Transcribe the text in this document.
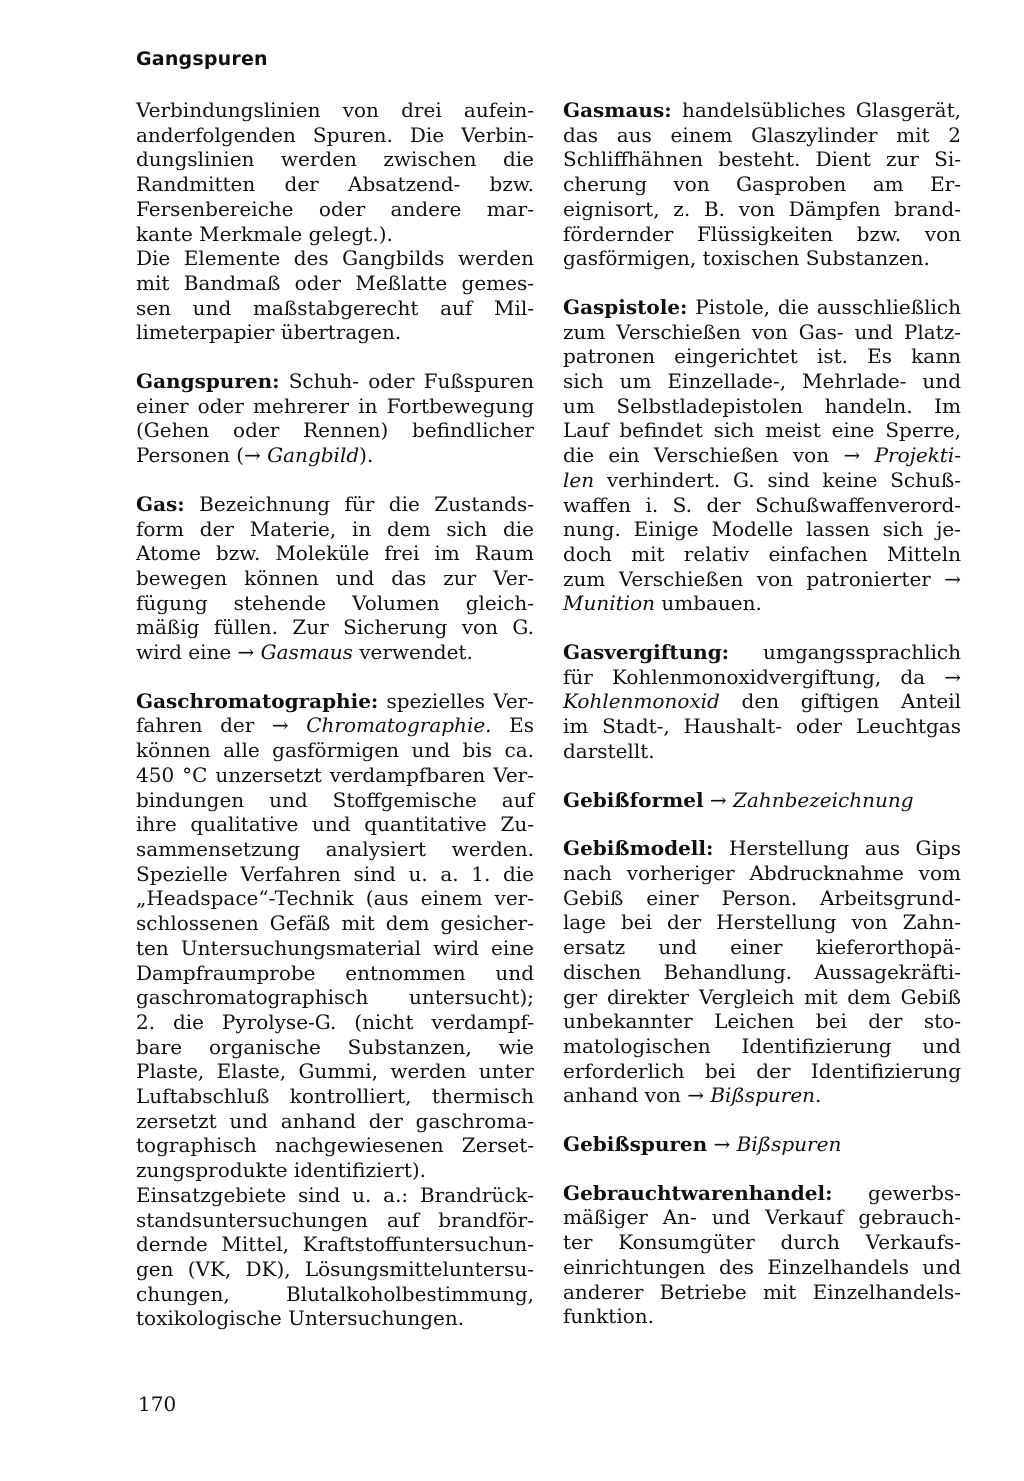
Gangspuren
Verbindungslinien von drei aufein-
anderfolgenden Spuren. Die Verbin-
dungslinien werden zwischen die
Randmitten der Absatzend- bzw.
Fersenbereiche oder andere mar-
kante Merkmale gelegt.).
Die Elemente des Gangbilds werden
mit Bandmaß oder Meßlatte gemes-
sen und maßstabgerecht auf Mil-
limeterpapier übertragen.
Gangspuren: Schuh- oder Fußspuren
einer oder mehrerer in Fortbewegung
(Gehen oder Rennen) befindlicher
Personen (→ Gangbild).
Gas: Bezeichnung für die Zustands-
form der Materie, in dem sich die
Atome bzw. Moleküle frei im Raum
bewegen können und das zur Ver-
fügung stehende Volumen gleich-
mäßig füllen. Zur Sicherung von G.
wird eine → Gasmaus verwendet.
Gaschromatographie: spezielles Ver-
fahren der → Chromatographie. Es
können alle gasförmigen und bis ca.
450 °C unzersetzt verdampfbaren Ver-
bindungen und Stoffgemische auf
ihre qualitative und quantitative Zu-
sammensetzung analysiert werden.
Spezielle Verfahren sind u. a. 1. die
„Headspace“-Technik (aus einem ver-
schlossenen Gefäß mit dem gesicher-
ten Untersuchungsmaterial wird eine
Dampfraumprobe entnommen und
gaschromatographisch untersucht);
2. die Pyrolyse-G. (nicht verdampf-
bare organische Substanzen, wie
Plaste, Elaste, Gummi, werden unter
Luftabschluß kontrolliert, thermisch
zersetzt und anhand der gaschroma-
tographisch nachgewiesenen Zerset-
zungsprodukte identifiziert).
Einsatzgebiete sind u. a.: Brandrück-
standsuntersuchungen auf brandför-
dernde Mittel, Kraftstoffuntersuchun-
gen (VK, DK), Lösungsmitteluntersu-
chungen, Blutalkoholbestimmung,
toxikologische Untersuchungen.
Gasmaus: handelsübliches Glasgerät,
das aus einem Glaszylinder mit 2
Schliffhähnen besteht. Dient zur Si-
cherung von Gasproben am Er-
eignisort, z. B. von Dämpfen brand-
fördernder Flüssigkeiten bzw. von
gasförmigen, toxischen Substanzen.
Gaspistole: Pistole, die ausschließlich
zum Verschießen von Gas- und Platz-
patronen eingerichtet ist. Es kann
sich um Einzellade-, Mehrlade- und
um Selbstladepistolen handeln. Im
Lauf befindet sich meist eine Sperre,
die ein Verschießen von → Projekti-
len verhindert. G. sind keine Schuß-
waffen i. S. der Schußwaffenverord-
nung. Einige Modelle lassen sich je-
doch mit relativ einfachen Mitteln
zum Verschießen von patronierter →
Munition umbauen.
Gasvergiftung: umgangssprachlich
für Kohlenmonoxidvergiftung, da →
Kohlenmonoxid den giftigen Anteil
im Stadt-, Haushalt- oder Leuchtgas
darstellt.
Gebißformel → Zahnbezeichnung
Gebißmodell: Herstellung aus Gips
nach vorheriger Abdrucknahme vom
Gebiß einer Person. Arbeitsgrund-
lage bei der Herstellung von Zahn-
ersatz und einer kieferorthopä-
dischen Behandlung. Aussagekräfti-
ger direkter Vergleich mit dem Gebiß
unbekannter Leichen bei der sto-
matologischen Identifizierung und
erforderlich bei der Identifizierung
anhand von → Bißspuren.
Gebißspuren → Bißspuren
Gebrauchtwarenhandel: gewerbs-
mäßiger An- und Verkauf gebrauch-
ter Konsumgüter durch Verkaufs-
einrichtungen des Einzelhandels und
anderer Betriebe mit Einzelhandels-
funktion.
170
